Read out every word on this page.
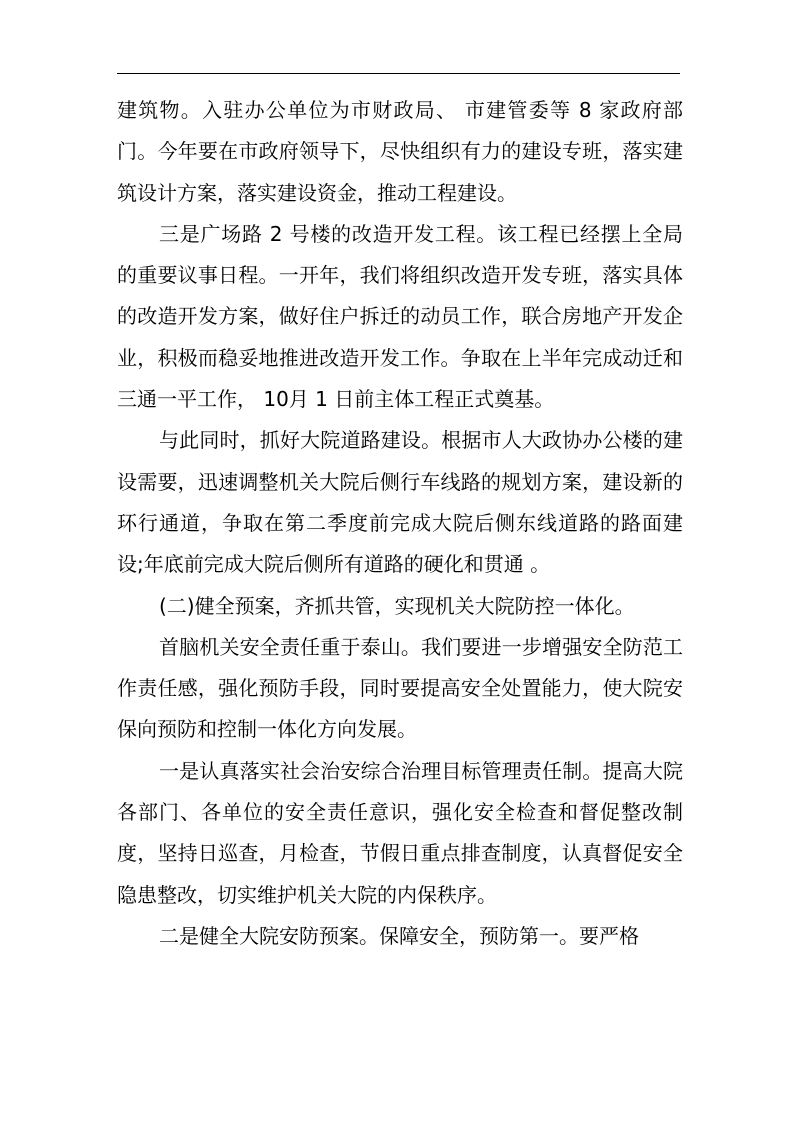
建筑物。入驻办公单位为市财政局、 市建管委等 8 家政府部门。今年要在市政府领导下，尽快组织有力的建设专班，落实建筑设计方案，落实建设资金，推动工程建设。

三是广场路 2 号楼的改造开发工程。该工程已经摆上全局的重要议事日程。一开年，我们将组织改造开发专班，落实具体的改造开发方案，做好住户拆迁的动员工作，联合房地产开发企业，积极而稳妥地推进改造开发工作。争取在上半年完成动迁和三通一平工作， 10月 1 日前主体工程正式奠基。

与此同时，抓好大院道路建设。根据市人大政协办公楼的建设需要，迅速调整机关大院后侧行车线路的规划方案，建设新的环行通道，争取在第二季度前完成大院后侧东线道路的路面建设;年底前完成大院后侧所有道路的硬化和贯通 。

(二)健全预案，齐抓共管，实现机关大院防控一体化。

首脑机关安全责任重于泰山。我们要进一步增强安全防范工作责任感，强化预防手段，同时要提高安全处置能力，使大院安保向预防和控制一体化方向发展。

一是认真落实社会治安综合治理目标管理责任制。提高大院各部门、各单位的安全责任意识，强化安全检查和督促整改制度，坚持日巡查，月检查，节假日重点排查制度，认真督促安全隐患整改，切实维护机关大院的内保秩序。

二是健全大院安防预案。保障安全，预防第一。要严格
